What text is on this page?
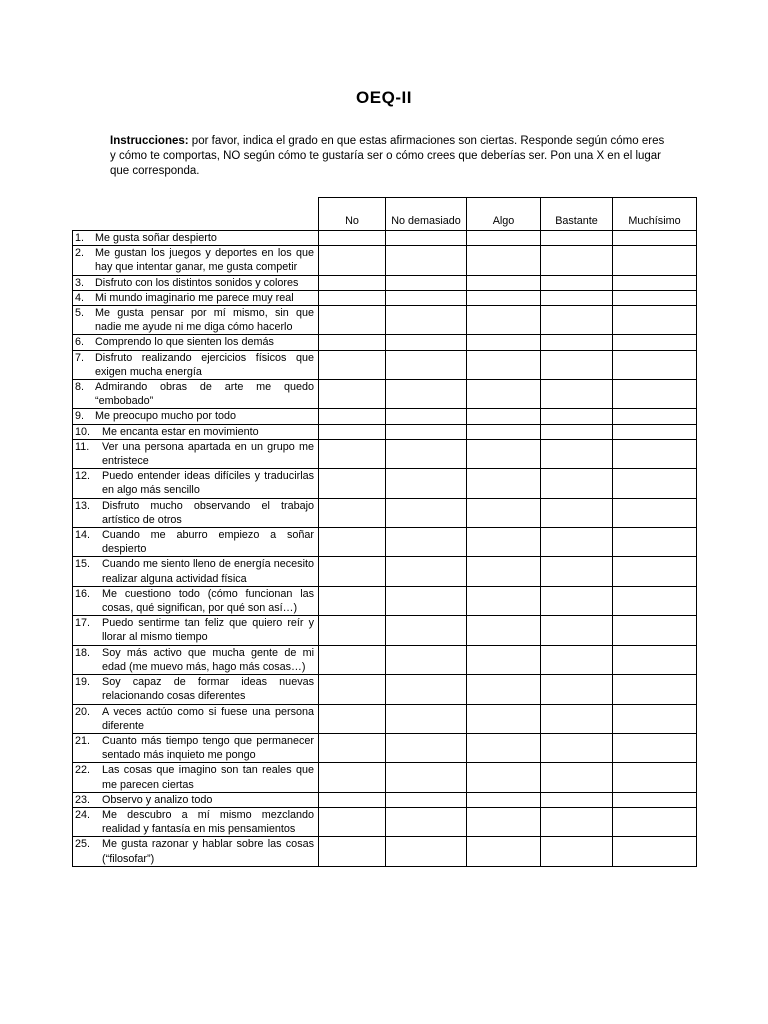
OEQ-II
Instrucciones: por favor, indica el grado en que estas afirmaciones son ciertas. Responde según cómo eres y cómo te comportas, NO según cómo te gustaría ser o cómo crees que deberías ser. Pon una X en el lugar que corresponda.
	No	No demasiado	Algo	Bastante	Muchísimo

1. Me gusta soñar despierto					

2. Me gustan los juegos y deportes en los que hay que intentar ganar, me gusta competir					

3. Disfruto con los distintos sonidos y colores					

4. Mi mundo imaginario me parece muy real					

5. Me gusta pensar por mí mismo, sin que nadie me ayude ni me diga cómo hacerlo					

6. Comprendo lo que sienten los demás					

7. Disfruto realizando ejercicios físicos que exigen mucha energía					

8. Admirando obras de arte me quedo “embobado”					

9. Me preocupo mucho por todo					

10. Me encanta estar en movimiento					

11. Ver una persona apartada en un grupo me entristece					

12. Puedo entender ideas difíciles y traducirlas en algo más sencillo					

13. Disfruto mucho observando el trabajo artístico de otros					

14. Cuando me aburro empiezo a soñar despierto					

15. Cuando me siento lleno de energía necesito realizar alguna actividad física					

16. Me cuestiono todo (cómo funcionan las cosas, qué significan, por qué son así…)					

17. Puedo sentirme tan feliz que quiero reír y llorar al mismo tiempo					

18. Soy más activo que mucha gente de mi edad (me muevo más, hago más cosas…)					

19. Soy capaz de formar ideas nuevas relacionando cosas diferentes					

20. A veces actúo como si fuese una persona diferente					

21. Cuanto más tiempo tengo que permanecer sentado más inquieto me pongo					

22. Las cosas que imagino son tan reales que me parecen ciertas					

23. Observo y analizo todo					

24. Me descubro a mí mismo mezclando realidad y fantasía en mis pensamientos					

25. Me gusta razonar y hablar sobre las cosas (“filosofar”)					
